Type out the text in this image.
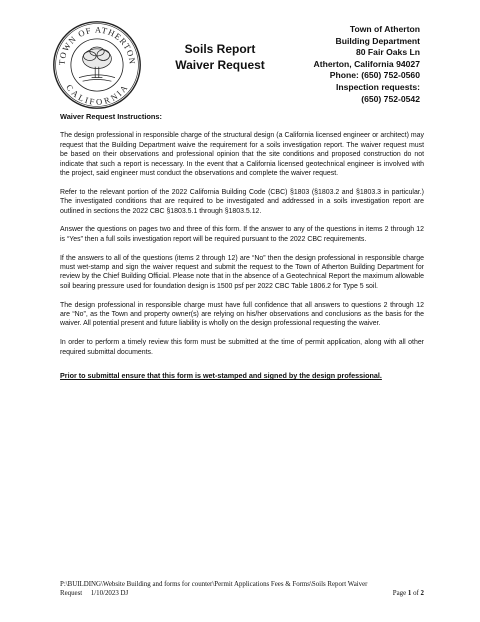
TOWN OF ATHERTON
CALIFORNIA
Soils Report
Waiver Request
Town of Atherton
Building Department
80 Fair Oaks Ln
Atherton, California 94027
Phone: (650) 752-0560
Inspection requests:
(650) 752-0542
Waiver Request Instructions:

The design professional in responsible charge of the structural design (a California licensed engineer or architect) may request that the Building Department waive the requirement for a soils investigation report. The waiver request must be based on their observations and professional opinion that the site conditions and proposed construction do not indicate that such a report is necessary. In the event that a California licensed geotechnical engineer is involved with the project, said engineer must conduct the observations and complete the waiver request.

Refer to the relevant portion of the 2022 California Building Code (CBC) §1803 (§1803.2 and §1803.3 in particular.) The investigated conditions that are required to be investigated and addressed in a soils investigation report are outlined in sections the 2022 CBC §1803.5.1 through §1803.5.12.

Answer the questions on pages two and three of this form. If the answer to any of the questions in items 2 through 12 is “Yes” then a full soils investigation report will be required pursuant to the 2022 CBC requirements.

If the answers to all of the questions (items 2 through 12) are “No” then the design professional in responsible charge must wet-stamp and sign the waiver request and submit the request to the Town of Atherton Building Department for review by the Chief Building Official. Please note that in the absence of a Geotechnical Report the maximum allowable soil bearing pressure used for foundation design is 1500 psf per 2022 CBC Table 1806.2 for Type 5 soil.

The design professional in responsible charge must have full confidence that all answers to questions 2 through 12 are “No”, as the Town and property owner(s) are relying on his/her observations and conclusions as the basis for the waiver. All potential present and future liability is wholly on the design professional requesting the waiver.

In order to perform a timely review this form must be submitted at the time of permit application, along with all other required submittal documents.

Prior to submittal ensure that this form is wet-stamped and signed by the design professional.

P:\BUILDING\Website Building and forms for counter\Permit Applications Fees & Forms\Soils Report Waiver
Request     1/10/2023 DJ	Page 1 of 2
